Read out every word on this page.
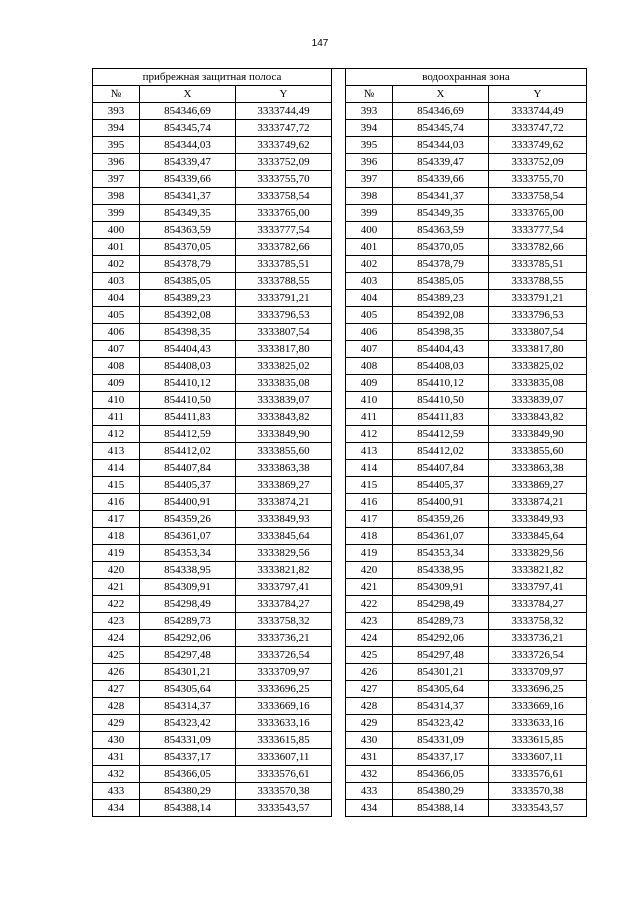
147
прибрежная защитная полоса				водоохранная зона		
№	X	Y		№	X	Y
393	854346,69	3333744,49		393	854346,69	3333744,49
394	854345,74	3333747,72		394	854345,74	3333747,72
395	854344,03	3333749,62		395	854344,03	3333749,62
396	854339,47	3333752,09		396	854339,47	3333752,09
397	854339,66	3333755,70		397	854339,66	3333755,70
398	854341,37	3333758,54		398	854341,37	3333758,54
399	854349,35	3333765,00		399	854349,35	3333765,00
400	854363,59	3333777,54		400	854363,59	3333777,54
401	854370,05	3333782,66		401	854370,05	3333782,66
402	854378,79	3333785,51		402	854378,79	3333785,51
403	854385,05	3333788,55		403	854385,05	3333788,55
404	854389,23	3333791,21		404	854389,23	3333791,21
405	854392,08	3333796,53		405	854392,08	3333796,53
406	854398,35	3333807,54		406	854398,35	3333807,54
407	854404,43	3333817,80		407	854404,43	3333817,80
408	854408,03	3333825,02		408	854408,03	3333825,02
409	854410,12	3333835,08		409	854410,12	3333835,08
410	854410,50	3333839,07		410	854410,50	3333839,07
411	854411,83	3333843,82		411	854411,83	3333843,82
412	854412,59	3333849,90		412	854412,59	3333849,90
413	854412,02	3333855,60		413	854412,02	3333855,60
414	854407,84	3333863,38		414	854407,84	3333863,38
415	854405,37	3333869,27		415	854405,37	3333869,27
416	854400,91	3333874,21		416	854400,91	3333874,21
417	854359,26	3333849,93		417	854359,26	3333849,93
418	854361,07	3333845,64		418	854361,07	3333845,64
419	854353,34	3333829,56		419	854353,34	3333829,56
420	854338,95	3333821,82		420	854338,95	3333821,82
421	854309,91	3333797,41		421	854309,91	3333797,41
422	854298,49	3333784,27		422	854298,49	3333784,27
423	854289,73	3333758,32		423	854289,73	3333758,32
424	854292,06	3333736,21		424	854292,06	3333736,21
425	854297,48	3333726,54		425	854297,48	3333726,54
426	854301,21	3333709,97		426	854301,21	3333709,97
427	854305,64	3333696,25		427	854305,64	3333696,25
428	854314,37	3333669,16		428	854314,37	3333669,16
429	854323,42	3333633,16		429	854323,42	3333633,16
430	854331,09	3333615,85		430	854331,09	3333615,85
431	854337,17	3333607,11		431	854337,17	3333607,11
432	854366,05	3333576,61		432	854366,05	3333576,61
433	854380,29	3333570,38		433	854380,29	3333570,38
434	854388,14	3333543,57		434	854388,14	3333543,57
